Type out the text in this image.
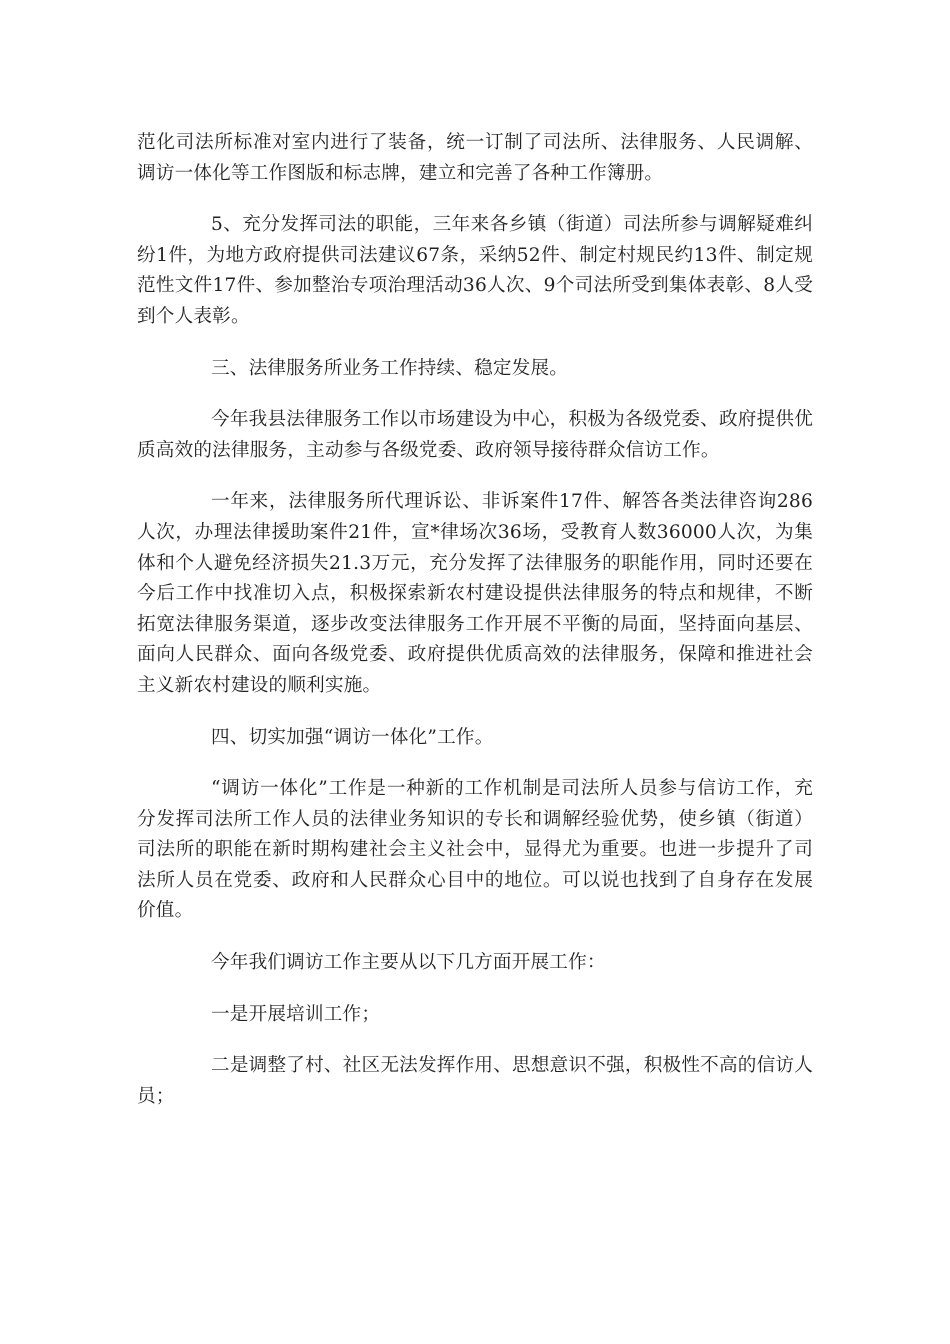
范化司法所标准对室内进行了装备，统一订制了司法所、法律服务、人民调解、调访一体化等工作图版和标志牌，建立和完善了各种工作簿册。

5、充分发挥司法的职能，三年来各乡镇（街道）司法所参与调解疑难纠纷1件，为地方政府提供司法建议67条，采纳52件、制定村规民约13件、制定规范性文件17件、参加整治专项治理活动36人次、9个司法所受到集体表彰、8人受到个人表彰。

三、法律服务所业务工作持续、稳定发展。

今年我县法律服务工作以市场建设为中心，积极为各级党委、政府提供优质高效的法律服务，主动参与各级党委、政府领导接待群众信访工作。

一年来，法律服务所代理诉讼、非诉案件17件、解答各类法律咨询286人次，办理法律援助案件21件，宣*律场次36场，受教育人数36000人次，为集体和个人避免经济损失21.3万元，充分发挥了法律服务的职能作用，同时还要在今后工作中找准切入点，积极探索新农村建设提供法律服务的特点和规律，不断拓宽法律服务渠道，逐步改变法律服务工作开展不平衡的局面，坚持面向基层、面向人民群众、面向各级党委、政府提供优质高效的法律服务，保障和推进社会主义新农村建设的顺利实施。

四、切实加强“调访一体化”工作。

“调访一体化”工作是一种新的工作机制是司法所人员参与信访工作，充分发挥司法所工作人员的法律业务知识的专长和调解经验优势，使乡镇（街道）司法所的职能在新时期构建社会主义社会中，显得尤为重要。也进一步提升了司法所人员在党委、政府和人民群众心目中的地位。可以说也找到了自身存在发展价值。

今年我们调访工作主要从以下几方面开展工作：

一是开展培训工作；

二是调整了村、社区无法发挥作用、思想意识不强，积极性不高的信访人员；
